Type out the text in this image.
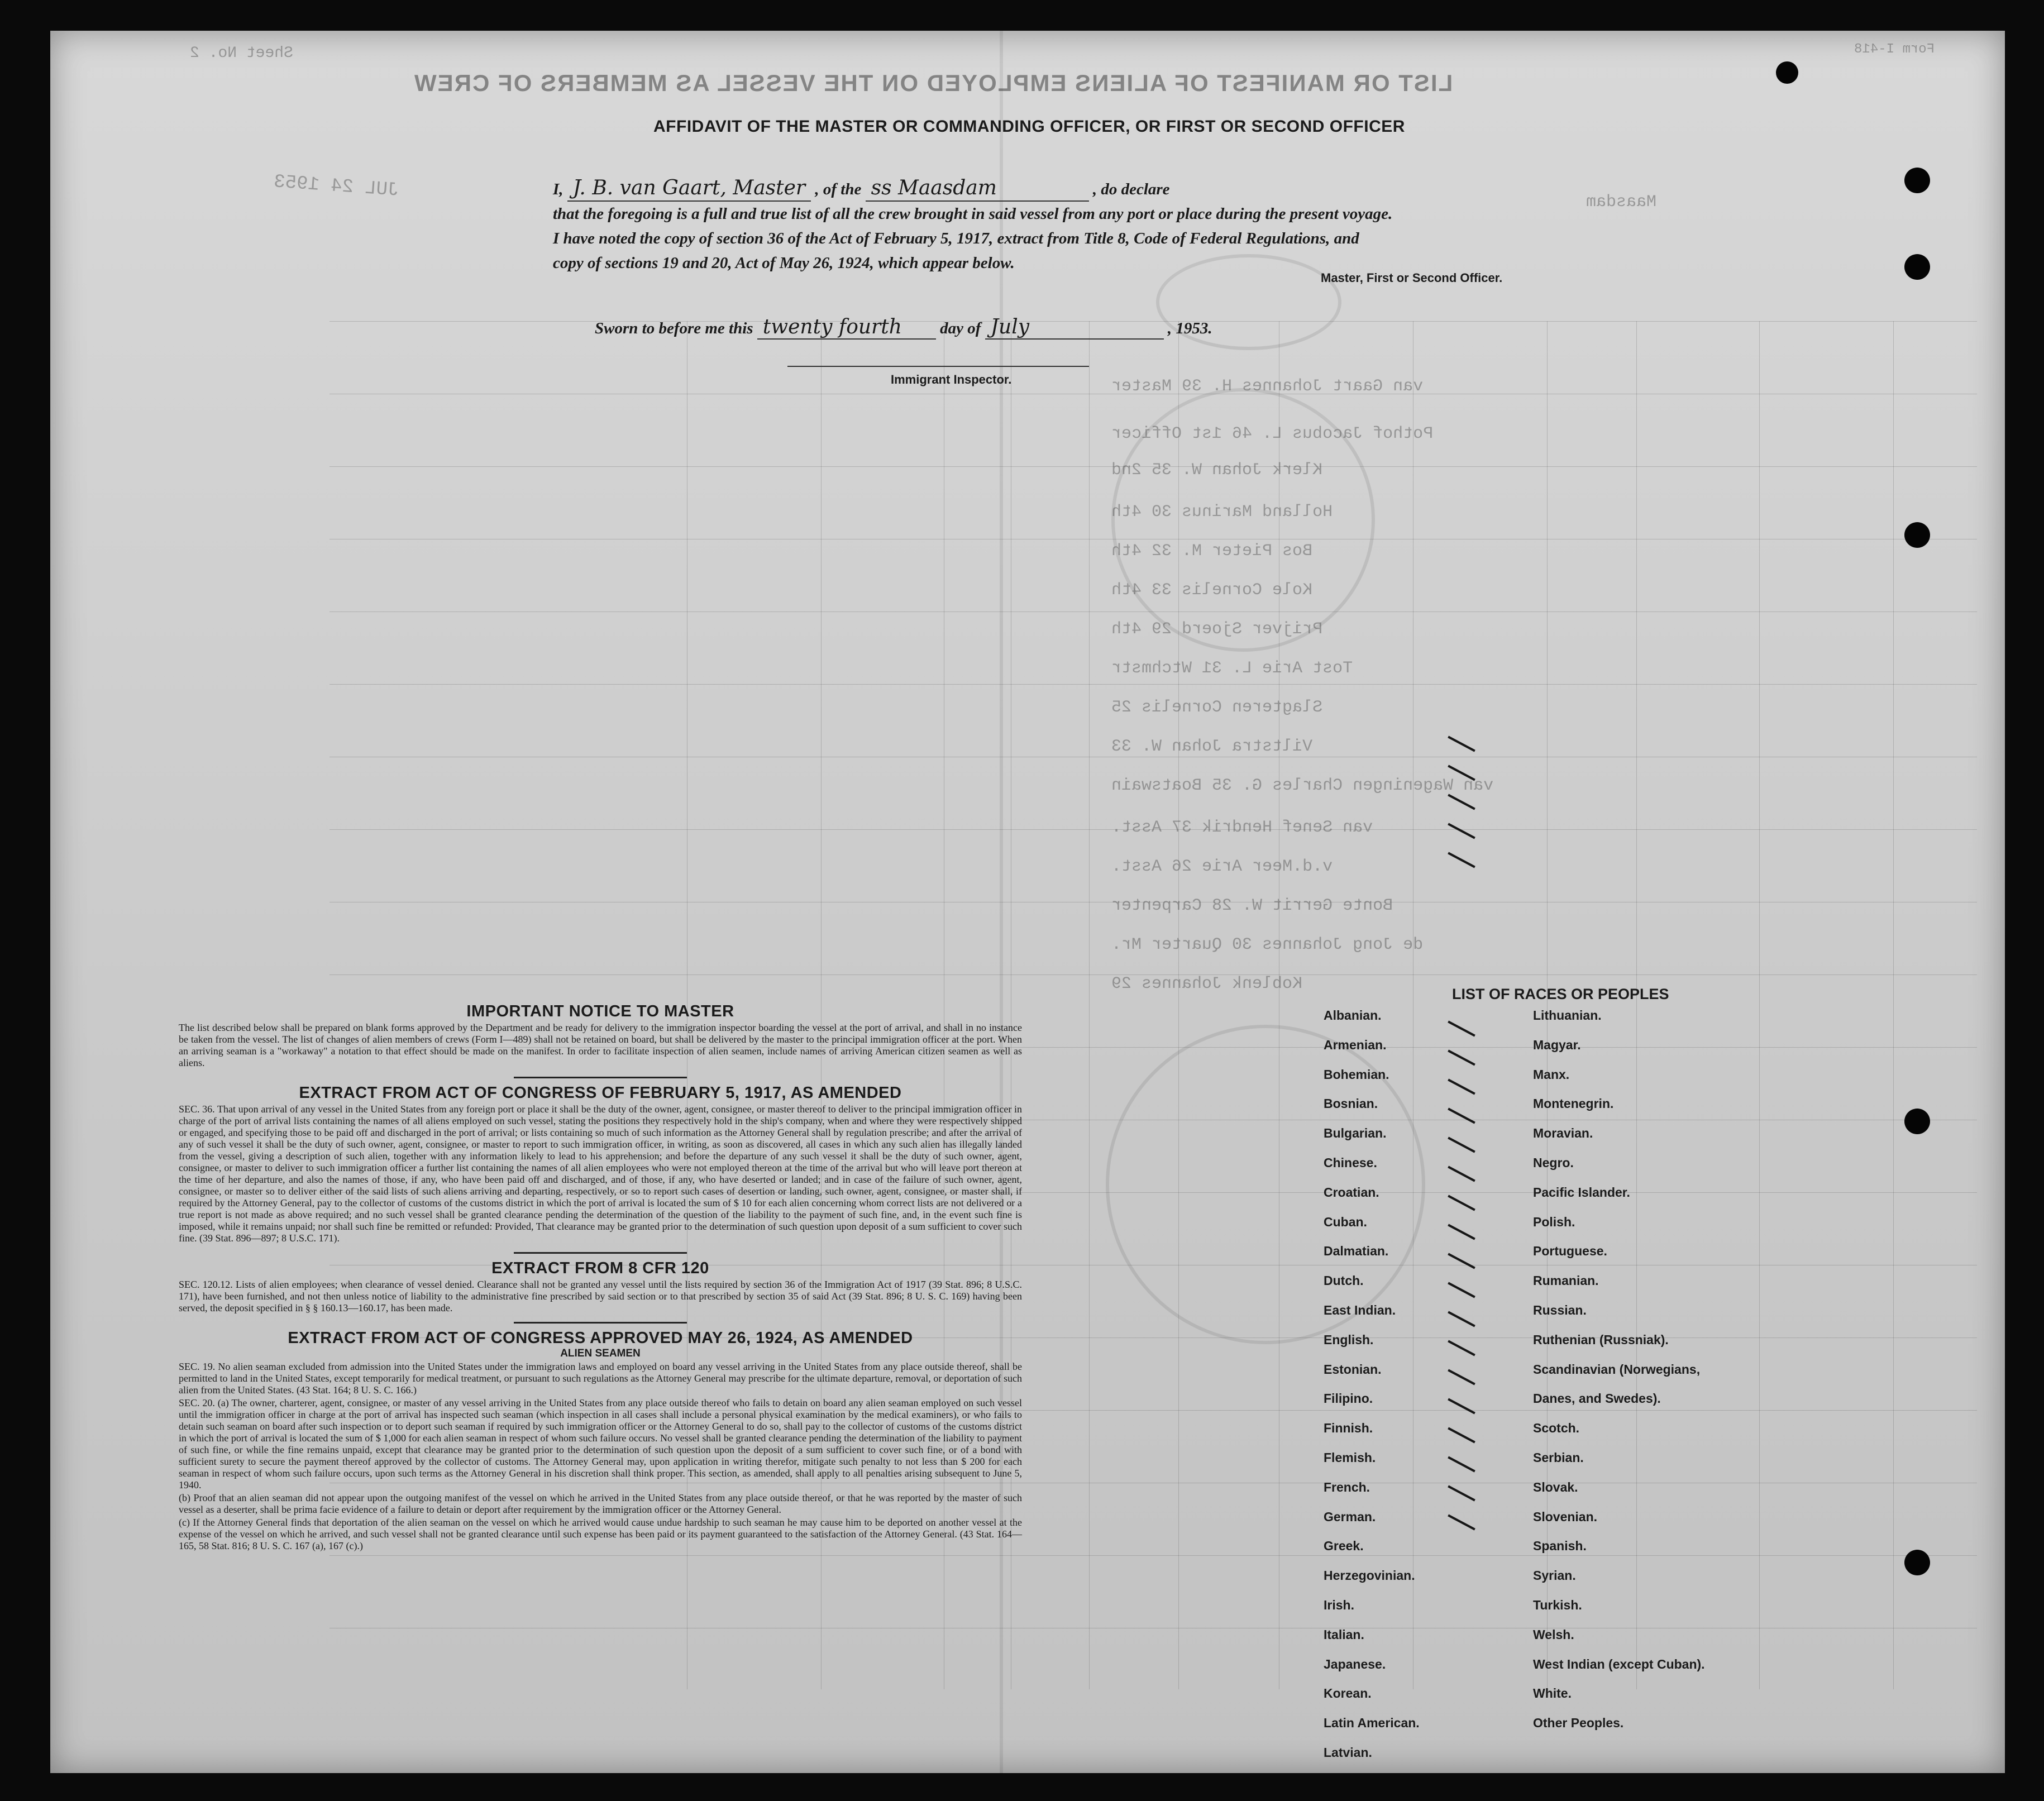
LIST OR MANIFEST OF ALIENS EMPLOYED ON THE VESSEL AS MEMBERS OF CREW
Form I-418
Sheet No. 2
JUL 24 1953
Maasdam
van Gaart Johannes H. 39 Master
Pothof Jacobus L. 46 1st Officer
Klerk Johan W. 35 2nd
Holland Marinus 30 4th
Bos Pieter M. 32 4th
Kole Cornelis 33 4th
Prijver Sjoerd 29 4th
Tost Arie L. 31 Wtchmstr
Slagteren Cornelis 25
Viltstra Johan W. 33
van Wageningen Charles G. 35 Boatswain
van Senef Hendrik 37 Asst.
v.d.Meer Arie 26 Asst.
Bonte Gerrit W. 28 Carpenter
de Jong Johannes 30 Quarter Mr.
Koblenk Johannes 29
AFFIDAVIT OF THE MASTER OR COMMANDING OFFICER, OR FIRST OR SECOND OFFICER
I, J. B. van Gaart, Master , of the ss Maasdam	, do declare
that the foregoing is a full and true list of all the crew brought in said vessel from any port or place during the present voyage.
I have noted the copy of section 36 of the Act of February 5, 1917, extract from Title 8, Code of Federal Regulations, and
copy of sections 19 and 20, Act of May 26, 1924, which appear below.
Master, First or Second Officer.
Sworn to before me this twenty fourth day of July	, 1953.
Immigrant Inspector.
IMPORTANT NOTICE TO MASTER

The list described below shall be prepared on blank forms approved by the Department and be ready for delivery to the immigration inspector boarding the vessel at the port of arrival, and shall in no instance be taken from the vessel. The list of changes of alien members of crews (Form I—489) shall not be retained on board, but shall be delivered by the master to the principal immigration officer at the port. When an arriving seaman is a "workaway" a notation to that effect should be made on the manifest. In order to facilitate inspection of alien seamen, include names of arriving American citizen seamen as well as aliens.

EXTRACT FROM ACT OF CONGRESS OF FEBRUARY 5, 1917, AS AMENDED

SEC. 36. That upon arrival of any vessel in the United States from any foreign port or place it shall be the duty of the owner, agent, consignee, or master thereof to deliver to the principal immigration officer in charge of the port of arrival lists containing the names of all aliens employed on such vessel, stating the positions they respectively hold in the ship's company, when and where they were respectively shipped or engaged, and specifying those to be paid off and discharged in the port of arrival; or lists containing so much of such information as the Attorney General shall by regulation prescribe; and after the arrival of any of such vessel it shall be the duty of such owner, agent, consignee, or master to report to such immigration officer, in writing, as soon as discovered, all cases in which any such alien has illegally landed from the vessel, giving a description of such alien, together with any information likely to lead to his apprehension; and before the departure of any such vessel it shall be the duty of such owner, agent, consignee, or master to deliver to such immigration officer a further list containing the names of all alien employees who were not employed thereon at the time of the arrival but who will leave port thereon at the time of her departure, and also the names of those, if any, who have been paid off and discharged, and of those, if any, who have deserted or landed; and in case of the failure of such owner, agent, consignee, or master so to deliver either of the said lists of such aliens arriving and departing, respectively, or so to report such cases of desertion or landing, such owner, agent, consignee, or master shall, if required by the Attorney General, pay to the collector of customs of the customs district in which the port of arrival is located the sum of $ 10 for each alien concerning whom correct lists are not delivered or a true report is not made as above required; and no such vessel shall be granted clearance pending the determination of the question of the liability to the payment of such fine, and, in the event such fine is imposed, while it remains unpaid; nor shall such fine be remitted or refunded: Provided, That clearance may be granted prior to the determination of such question upon deposit of a sum sufficient to cover such fine. (39 Stat. 896—897; 8 U.S.C. 171).

EXTRACT FROM 8 CFR 120

SEC. 120.12. Lists of alien employees; when clearance of vessel denied. Clearance shall not be granted any vessel until the lists required by section 36 of the Immigration Act of 1917 (39 Stat. 896; 8 U.S.C. 171), have been furnished, and not then unless notice of liability to the administrative fine prescribed by said section or to that prescribed by section 35 of said Act (39 Stat. 896; 8 U. S. C. 169) having been served, the deposit specified in § § 160.13—160.17, has been made.

EXTRACT FROM ACT OF CONGRESS APPROVED MAY 26, 1924, AS AMENDED
ALIEN SEAMEN

SEC. 19. No alien seaman excluded from admission into the United States under the immigration laws and employed on board any vessel arriving in the United States from any place outside thereof, shall be permitted to land in the United States, except temporarily for medical treatment, or pursuant to such regulations as the Attorney General may prescribe for the ultimate departure, removal, or deportation of such alien from the United States. (43 Stat. 164; 8 U. S. C. 166.)

SEC. 20. (a) The owner, charterer, agent, consignee, or master of any vessel arriving in the United States from any place outside thereof who fails to detain on board any alien seaman employed on such vessel until the immigration officer in charge at the port of arrival has inspected such seaman (which inspection in all cases shall include a personal physical examination by the medical examiners), or who fails to detain such seaman on board after such inspection or to deport such seaman if required by such immigration officer or the Attorney General to do so, shall pay to the collector of customs of the customs district in which the port of arrival is located the sum of $ 1,000 for each alien seaman in respect of whom such failure occurs. No vessel shall be granted clearance pending the determination of the liability to payment of such fine, or while the fine remains unpaid, except that clearance may be granted prior to the determination of such question upon the deposit of a sum sufficient to cover such fine, or of a bond with sufficient surety to secure the payment thereof approved by the collector of customs. The Attorney General may, upon application in writing therefor, mitigate such penalty to not less than $ 200 for each seaman in respect of whom such failure occurs, upon such terms as the Attorney General in his discretion shall think proper. This section, as amended, shall apply to all penalties arising subsequent to June 5, 1940.

(b) Proof that an alien seaman did not appear upon the outgoing manifest of the vessel on which he arrived in the United States from any place outside thereof, or that he was reported by the master of such vessel as a deserter, shall be prima facie evidence of a failure to detain or deport after requirement by the immigration officer or the Attorney General.

(c) If the Attorney General finds that deportation of the alien seaman on the vessel on which he arrived would cause undue hardship to such seaman he may cause him to be deported on another vessel at the expense of the vessel on which he arrived, and such vessel shall not be granted clearance until such expense has been paid or its payment guaranteed to the satisfaction of the Attorney General. (43 Stat. 164—165, 58 Stat. 816; 8 U. S. C. 167 (a), 167 (c).)

LIST OF RACES OR PEOPLES
Albanian.
Armenian.
Bohemian.
Bosnian.
Bulgarian.
Chinese.
Croatian.
Cuban.
Dalmatian.
Dutch.
East Indian.
English.
Estonian.
Filipino.
Finnish.
Flemish.
French.
German.
Greek.
Herzegovinian.
Irish.
Italian.
Japanese.
Korean.
Latin American.
Latvian.
Lithuanian.
Magyar.
Manx.
Montenegrin.
Moravian.
Negro.
Pacific Islander.
Polish.
Portuguese.
Rumanian.
Russian.
Ruthenian (Russniak).
Scandinavian (Norwegians,
Danes, and Swedes).
Scotch.
Serbian.
Slovak.
Slovenian.
Spanish.
Syrian.
Turkish.
Welsh.
West Indian (except Cuban).
White.
Other Peoples.
